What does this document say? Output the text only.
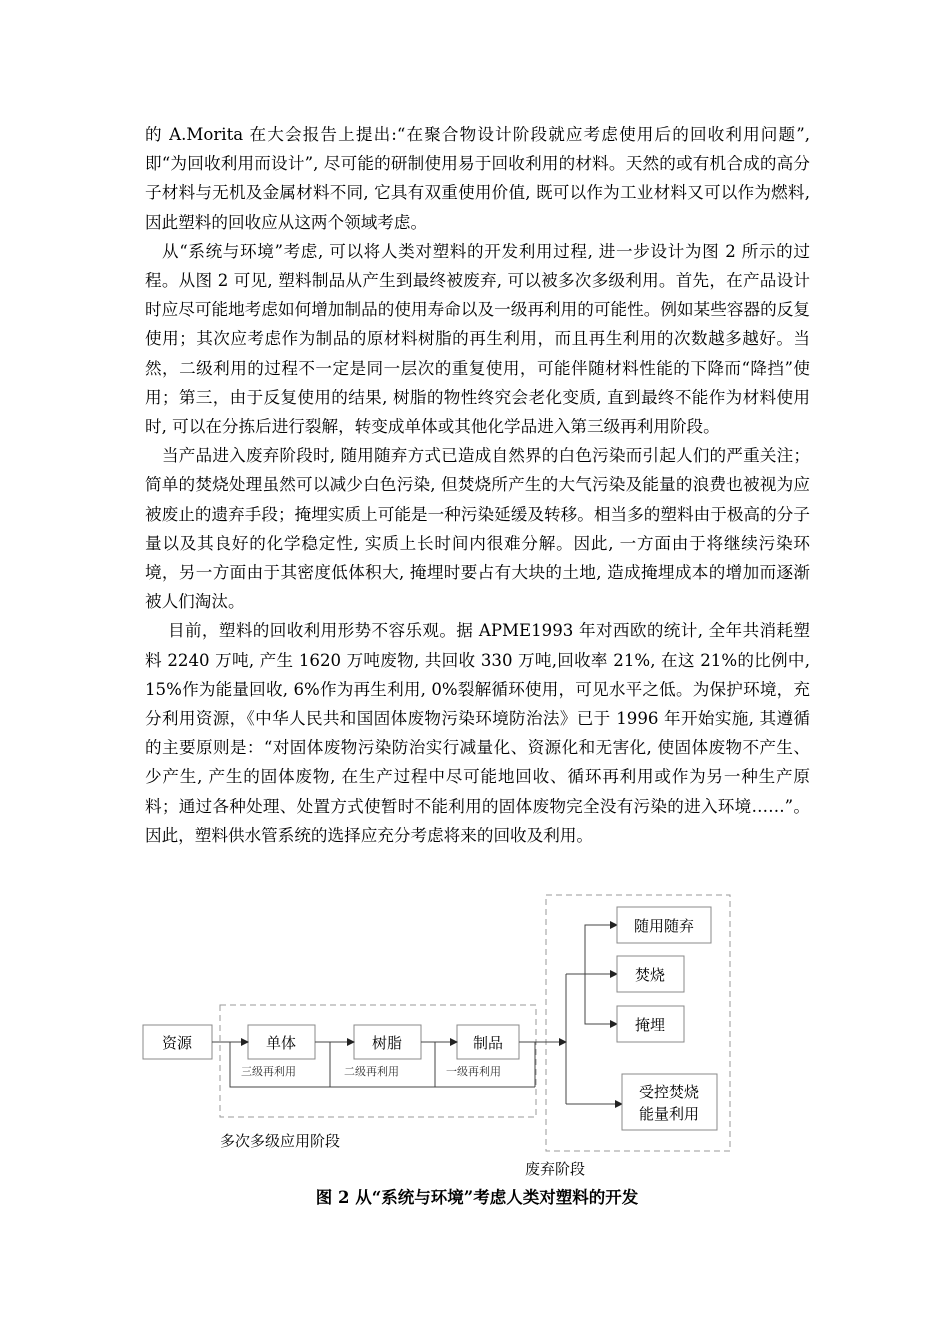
的 A.Morita 在大会报告上提出:“在聚合物设计阶段就应考虑使用后的回收利用问题”,即“为回收利用而设计”, 尽可能的研制使用易于回收利用的材料。天然的或有机合成的高分子材料与无机及金属材料不同, 它具有双重使用价值, 既可以作为工业材料又可以作为燃料, 因此塑料的回收应从这两个领域考虑。

从“系统与环境”考虑, 可以将人类对塑料的开发利用过程, 进一步设计为图 2 所示的过程。从图 2 可见, 塑料制品从产生到最终被废弃, 可以被多次多级利用。首先，在产品设计时应尽可能地考虑如何增加制品的使用寿命以及一级再利用的可能性。例如某些容器的反复使用；其次应考虑作为制品的原材料树脂的再生利用，而且再生利用的次数越多越好。当然，二级利用的过程不一定是同一层次的重复使用，可能伴随材料性能的下降而“降挡”使用；第三，由于反复使用的结果, 树脂的物性终究会老化变质, 直到最终不能作为材料使用时, 可以在分拣后进行裂解，转变成单体或其他化学品进入第三级再利用阶段。

当产品进入废弃阶段时, 随用随弃方式已造成自然界的白色污染而引起人们的严重关注；简单的焚烧处理虽然可以减少白色污染, 但焚烧所产生的大气污染及能量的浪费也被视为应被废止的遗弃手段；掩埋实质上可能是一种污染延缓及转移。相当多的塑料由于极高的分子量以及其良好的化学稳定性, 实质上长时间内很难分解。因此, 一方面由于将继续污染环境，另一方面由于其密度低体积大, 掩埋时要占有大块的土地, 造成掩埋成本的增加而逐渐被人们淘汰。

目前，塑料的回收利用形势不容乐观。据 APME1993 年对西欧的统计, 全年共消耗塑料 2240 万吨, 产生 1620 万吨废物, 共回收 330 万吨,回收率 21%, 在这 21%的比例中, 15%作为能量回收, 6%作为再生利用, 0%裂解循环使用，可见水平之低。为保护环境，充分利用资源，《中华人民共和国固体废物污染环境防治法》已于 1996 年开始实施, 其遵循的主要原则是：“对固体废物污染防治实行减量化、资源化和无害化, 使固体废物不产生、少产生, 产生的固体废物, 在生产过程中尽可能地回收、循环再利用或作为另一种生产原料；通过各种处理、处置方式使暂时不能利用的固体废物完全没有污染的进入环境……”。因此，塑料供水管系统的选择应充分考虑将来的回收及利用。

资源	单体	树脂	制品
三级再利用	二级再利用	一级再利用
随用随弃
焚烧
掩埋
受控焚烧
能量利用
多次多级应用阶段
废弃阶段
图 2 从“系统与环境”考虑人类对塑料的开发
